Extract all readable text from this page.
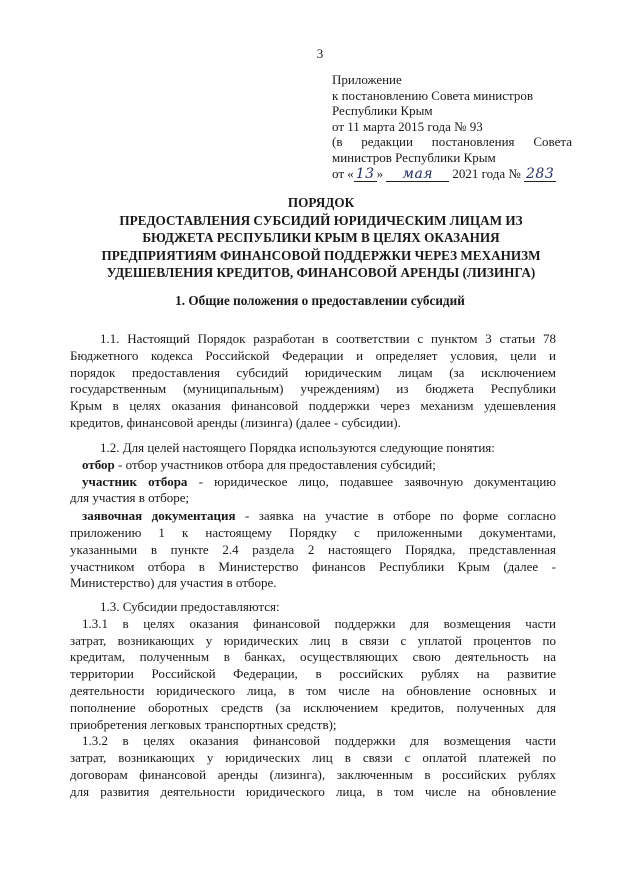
3
Приложение
к постановлению Совета министров
Республики Крым
от 11 марта 2015 года № 93
(в редакции постановления Совета
министров Республики Крым
от « 13 » мая 2021 года № 283
ПОРЯДОК
ПРЕДОСТАВЛЕНИЯ СУБСИДИЙ ЮРИДИЧЕСКИМ ЛИЦАМ ИЗ
БЮДЖЕТА РЕСПУБЛИКИ КРЫМ В ЦЕЛЯХ ОКАЗАНИЯ
ПРЕДПРИЯТИЯМ ФИНАНСОВОЙ ПОДДЕРЖКИ ЧЕРЕЗ МЕХАНИЗМ
УДЕШЕВЛЕНИЯ КРЕДИТОВ, ФИНАНСОВОЙ АРЕНДЫ (ЛИЗИНГА)
1. Общие положения о предоставлении субсидий
1.1. Настоящий Порядок разработан в соответствии с пунктом 3 статьи 78
Бюджетного кодекса Российской Федерации и определяет условия, цели и
порядок предоставления субсидий юридическим лицам (за исключением
государственным (муниципальным) учреждениям) из бюджета Республики
Крым в целях оказания финансовой поддержки через механизм удешевления
кредитов, финансовой аренды (лизинга) (далее - субсидии).
1.2. Для целей настоящего Порядка используются следующие понятия:
отбор - отбор участников отбора для предоставления субсидий;
участник отбора - юридическое лицо, подавшее заявочную документацию
для участия в отборе;
заявочная документация - заявка на участие в отборе по форме согласно
приложению 1 к настоящему Порядку с приложенными документами,
указанными в пункте 2.4 раздела 2 настоящего Порядка, представленная
участником отбора в Министерство финансов Республики Крым (далее -
Министерство) для участия в отборе.
1.3. Субсидии предоставляются:
1.3.1 в целях оказания финансовой поддержки для возмещения части
затрат, возникающих у юридических лиц в связи с уплатой процентов по
кредитам, полученным в банках, осуществляющих свою деятельность на
территории Российской Федерации, в российских рублях на развитие
деятельности юридического лица, в том числе на обновление основных и
пополнение оборотных средств (за исключением кредитов, полученных для
приобретения легковых транспортных средств);
1.3.2 в целях оказания финансовой поддержки для возмещения части
затрат, возникающих у юридических лиц в связи с оплатой платежей по
договорам финансовой аренды (лизинга), заключенным в российских рублях
для развития деятельности юридического лица, в том числе на обновление
